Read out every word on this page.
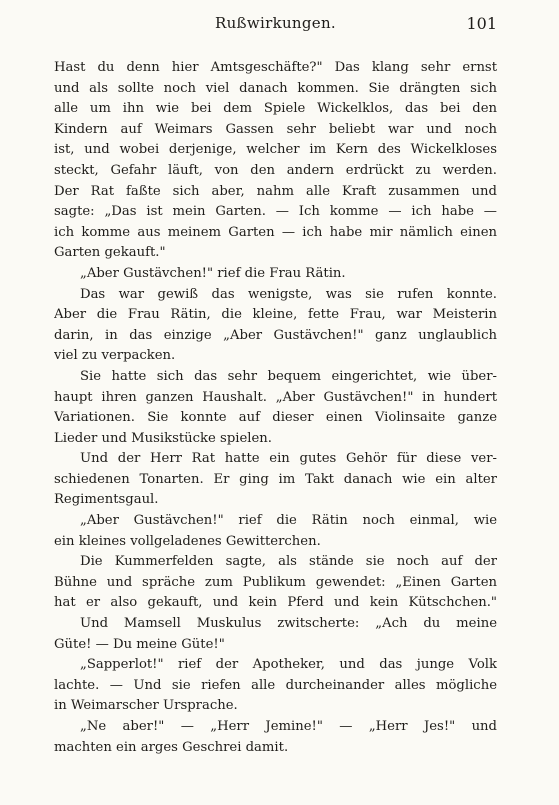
Rußwirkungen.	101
Hast du denn hier Amtsgeschäfte?" Das klang sehr ernst
und als sollte noch viel danach kommen. Sie drängten sich
alle um ihn wie bei dem Spiele Wickelklos, das bei den
Kindern auf Weimars Gassen sehr beliebt war und noch
ist, und wobei derjenige, welcher im Kern des Wickelkloses
steckt, Gefahr läuft, von den andern erdrückt zu werden.
Der Rat faßte sich aber, nahm alle Kraft zusammen und
sagte: „Das ist mein Garten. — Ich komme — ich habe —
ich komme aus meinem Garten — ich habe mir nämlich einen
Garten gekauft."
„Aber Gustävchen!" rief die Frau Rätin.
Das war gewiß das wenigste, was sie rufen konnte.
Aber die Frau Rätin, die kleine, fette Frau, war Meisterin
darin, in das einzige „Aber Gustävchen!" ganz unglaublich
viel zu verpacken.
Sie hatte sich das sehr bequem eingerichtet, wie über-
haupt ihren ganzen Haushalt. „Aber Gustävchen!" in hundert
Variationen. Sie konnte auf dieser einen Violinsaite ganze
Lieder und Musikstücke spielen.
Und der Herr Rat hatte ein gutes Gehör für diese ver-
schiedenen Tonarten. Er ging im Takt danach wie ein alter
Regimentsgaul.
„Aber Gustävchen!" rief die Rätin noch einmal, wie
ein kleines vollgeladenes Gewitterchen.
Die Kummerfelden sagte, als stände sie noch auf der
Bühne und spräche zum Publikum gewendet: „Einen Garten
hat er also gekauft, und kein Pferd und kein Kütschchen."
Und Mamsell Muskulus zwitscherte: „Ach du meine
Güte! — Du meine Güte!"
„Sapperlot!" rief der Apotheker, und das junge Volk
lachte. — Und sie riefen alle durcheinander alles mögliche
in Weimarscher Ursprache.
„Ne aber!" — „Herr Jemine!" — „Herr Jes!" und
machten ein arges Geschrei damit.
